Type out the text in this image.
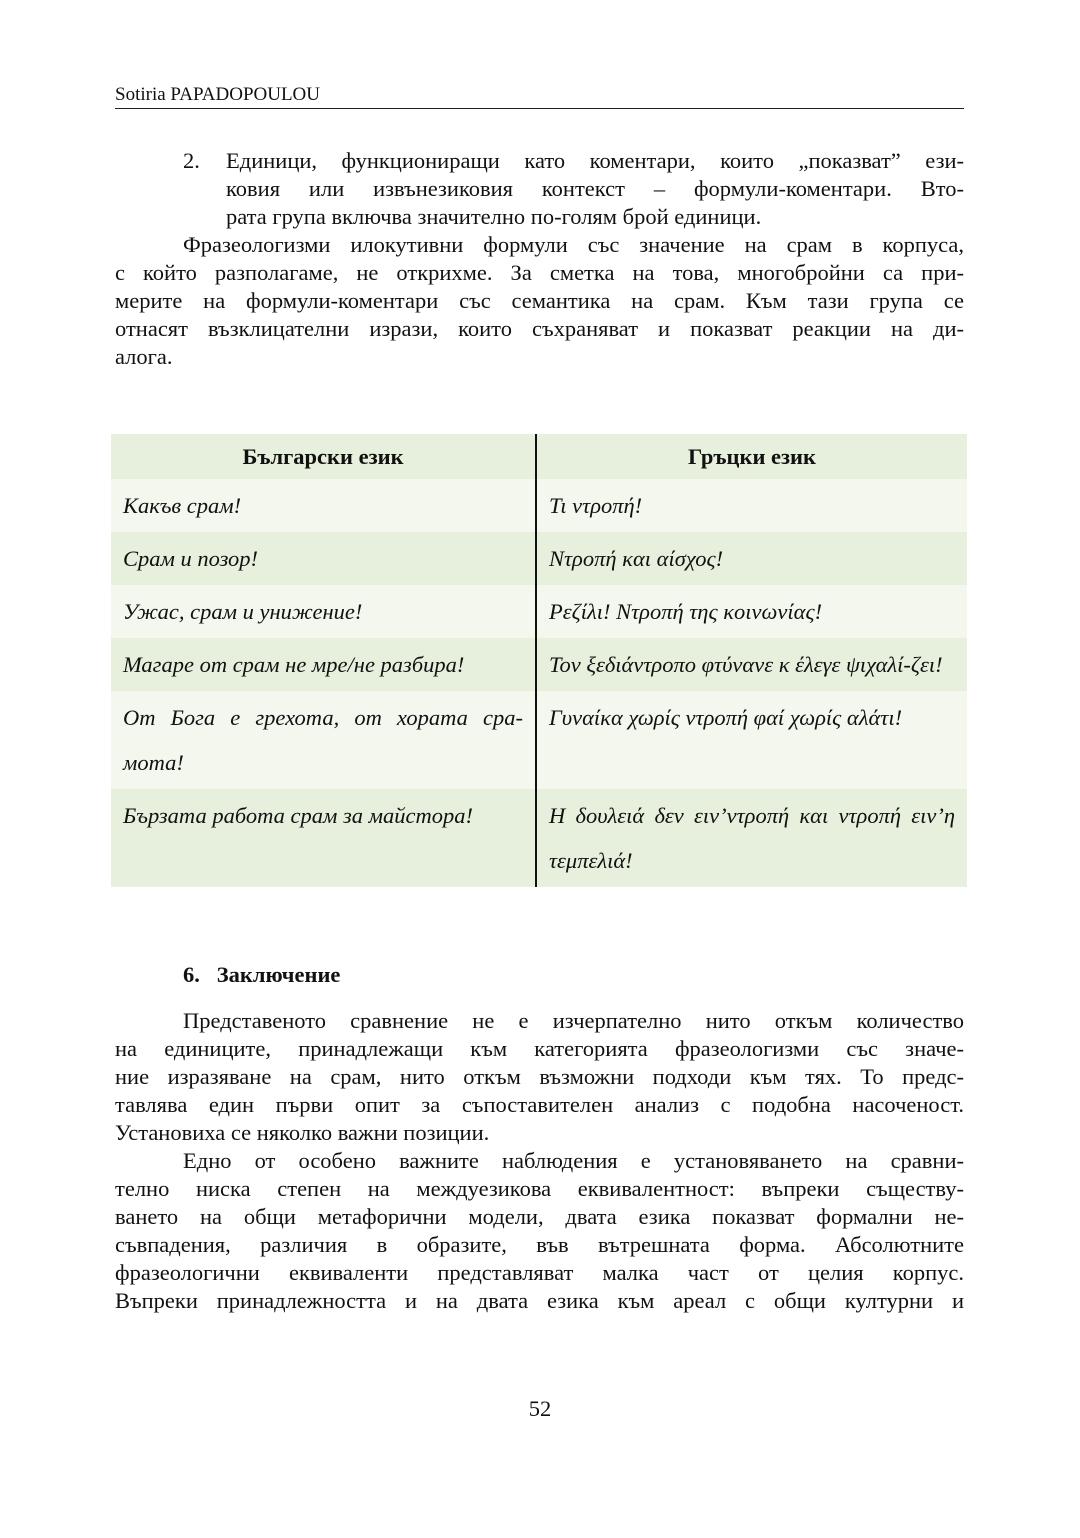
Sotiria PAPADOPOULOU
2. Единици, функциониращи като коментари, които „показват” ези-
ковия или извънезиковия контекст – формули-коментари. Вто-
рата група включва значително по-голям брой единици.
Фразеологизми илокутивни формули със значение на срам в корпуса,
с който разполагаме, не открихме. За сметка на това, многобройни са при-
мерите на формули-коментари със семантика на срам. Към тази група се
отнасят възклицателни изрази, които съхраняват и показват реакции на ди-
алога.
Български език	Гръцки език
Какъв срам!	Τι ντροπή!
Срам и позор!	Ντροπή και αίσχος!
Ужас, срам и унижение!	Ρεζίλι! Ντροπή της κοινωνίας!
Магаре от срам не мре/не разбира!	Τον ξεδιάντροπο φτύνανε κ έλεγε ψιχαλί-ζει!
От Бога е грехота, от хората сра-мота!	Γυναίκα χωρίς ντροπή φαί χωρίς αλάτι!
Бързата работа срам за майстора!	Η δουλειά δεν ειν’ντροπή και ντροπή ειν’η τεμπελιά!
6. Заключение
Представеното сравнение не е изчерпателно нито откъм количество
на единиците, принадлежащи към категорията фразеологизми със значе-
ние изразяване на срам, нито откъм възможни подходи към тях. То предс-
тавлява един първи опит за съпоставителен анализ с подобна насоченост.
Установиха се няколко важни позиции.
Едно от особено важните наблюдения е установяването на сравни-
телно ниска степен на междуезикова еквивалентност: въпреки съществу-
ването на общи метафорични модели, двата езика показват формални не-
съвпадения, различия в образите, във вътрешната форма. Абсолютните
фразеологични еквиваленти представляват малка част от целия корпус.
Въпреки принадлежността и на двата езика към ареал с общи културни и
52
